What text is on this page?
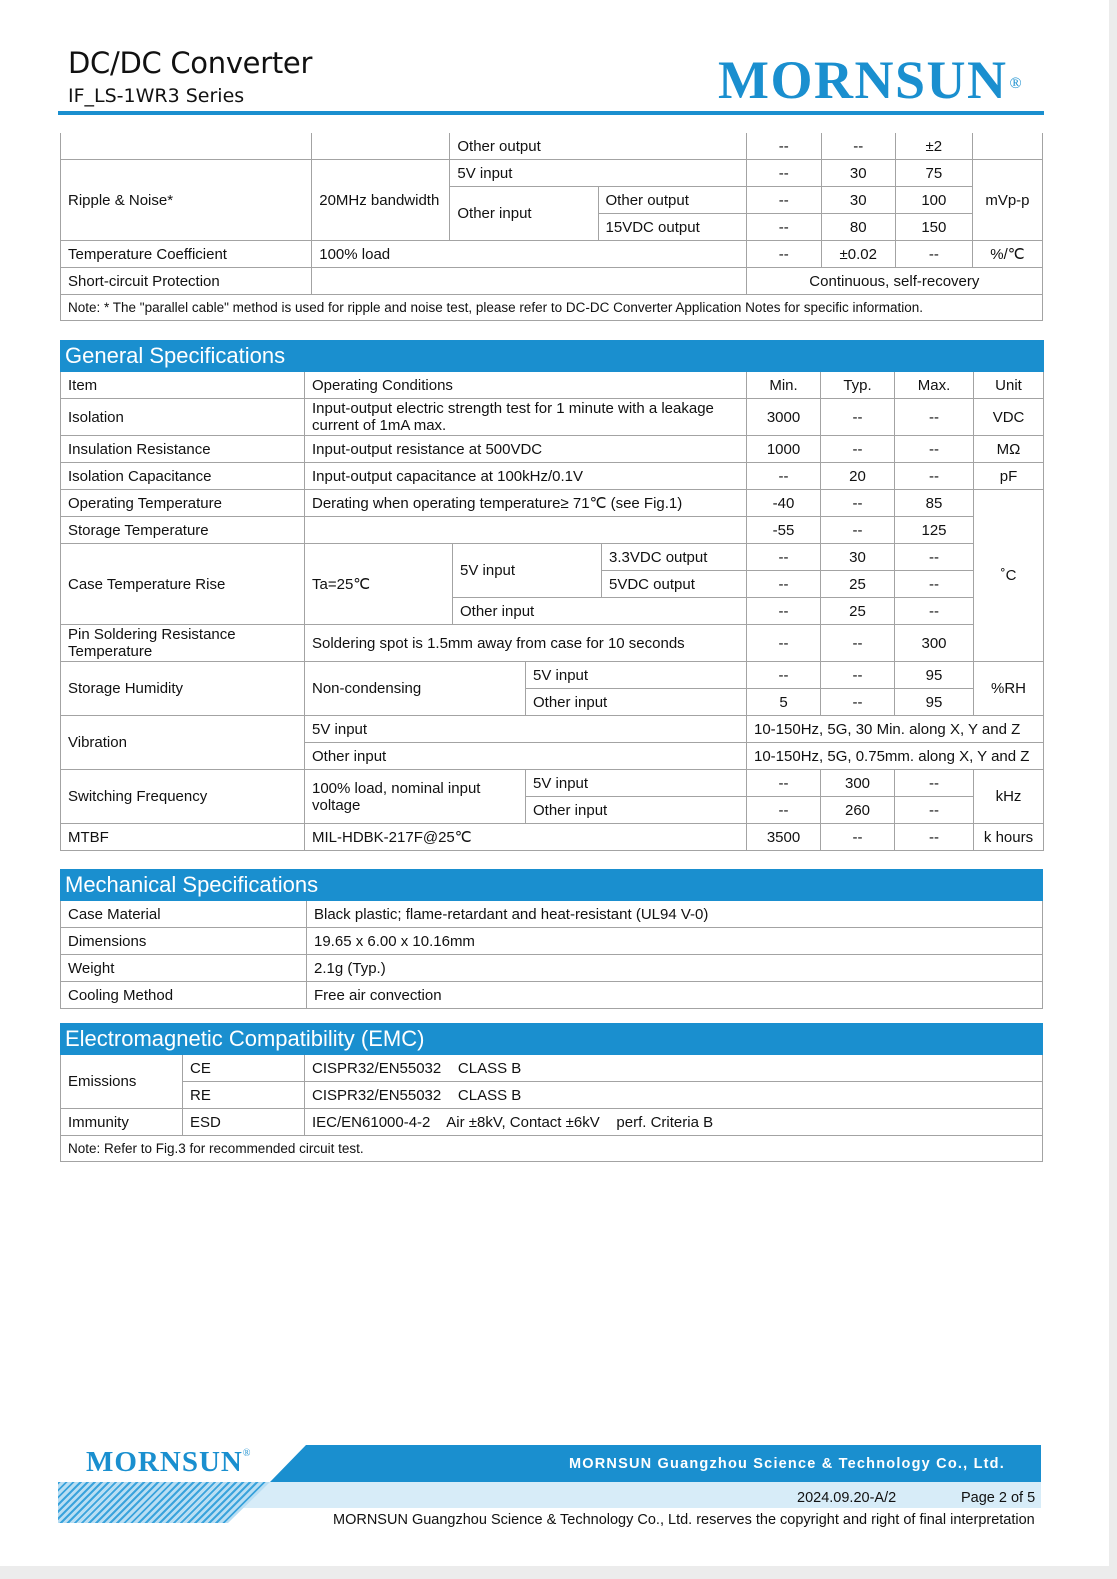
DC/DC Converter
IF_LS-1WR3 Series	MORNSUN ®
		Other output		--	--	±2	
Ripple & Noise*	20MHz bandwidth	5V input		--	30	75	mVp-p
		Other input	Other output	--	30	100	
			15VDC output	--	80	150	
Temperature Coefficient	100% load			--	±0.02	--	%/℃
Short-circuit Protection				Continuous, self-recovery			
Note: * The "parallel cable" method is used for ripple and noise test, please refer to DC-DC Converter Application Notes for specific information.							
General Specifications								
Item	Operating Conditions				Min.	Typ.	Max.	Unit
Isolation	Input-output electric strength test for 1 minute with a leakage current of 1mA max.				3000	--	--	VDC
Insulation Resistance	Input-output resistance at 500VDC				1000	--	--	MΩ
Isolation Capacitance	Input-output capacitance at 100kHz/0.1V				--	20	--	pF
Operating Temperature	Derating when operating temperature≥ 71℃ (see Fig.1)				-40	--	85	˚C
Storage Temperature					-55	--	125	
Case Temperature Rise	Ta=25℃	5V input		3.3VDC output	--	30	--	
				5VDC output	--	25	--	
		Other input			--	25	--	
Pin Soldering Resistance Temperature	Soldering spot is 1.5mm away from case for 10 seconds				--	--	300	
Storage Humidity	Non-condensing		5V input		--	--	95	%RH
			Other input		5	--	95	
Vibration	5V input				10-150Hz, 5G, 30 Min. along X, Y and Z			
	Other input				10-150Hz, 5G, 0.75mm. along X, Y and Z			
Switching Frequency	100% load, nominal input voltage		5V input		--	300	--	kHz
			Other input		--	260	--	
MTBF	MIL-HDBK-217F@25℃				3500	--	--	k hours
Mechanical Specifications	
Case Material	Black plastic; flame-retardant and heat-resistant (UL94 V-0)
Dimensions	19.65 x 6.00 x 10.16mm
Weight	2.1g (Typ.)
Cooling Method	Free air convection
Electromagnetic Compatibility (EMC)		
Emissions	CE	CISPR32/EN55032    CLASS B
	RE	CISPR32/EN55032    CLASS B
Immunity	ESD	IEC/EN61000-4-2    Air ±8kV, Contact ±6kV    perf. Criteria B
Note: Refer to Fig.3 for recommended circuit test.		
MORNSUN®
MORNSUN Guangzhou Science & Technology Co., Ltd.
2024.09.20-A/2	Page 2 of 5
MORNSUN Guangzhou Science & Technology Co., Ltd. reserves the copyright and right of final interpretation
